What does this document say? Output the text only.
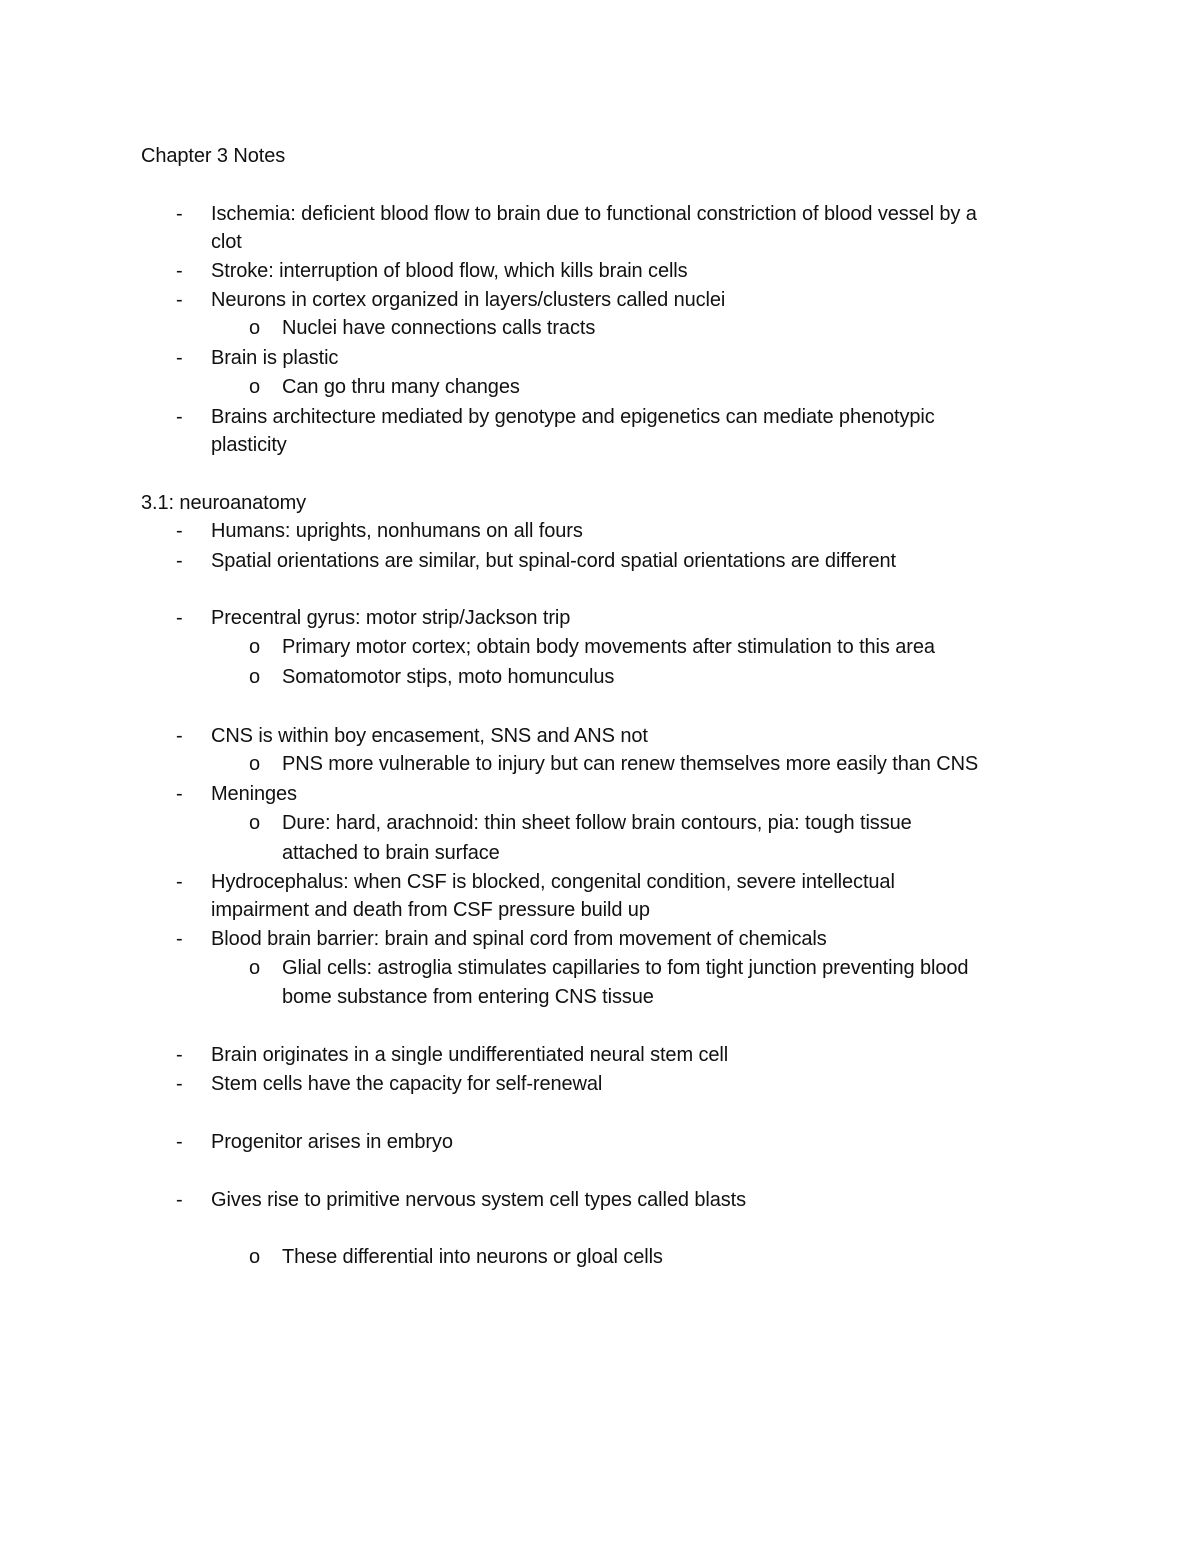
Chapter 3 Notes
- Ischemia: deficient blood flow to brain due to functional constriction of blood vessel by a
clot
- Stroke: interruption of blood flow, which kills brain cells
- Neurons in cortex organized in layers/clusters called nuclei
o Nuclei have connections calls tracts
- Brain is plastic
o Can go thru many changes
- Brains architecture mediated by genotype and epigenetics can mediate phenotypic
plasticity
3.1: neuroanatomy
- Humans: uprights, nonhumans on all fours
- Spatial orientations are similar, but spinal-cord spatial orientations are different
- Precentral gyrus: motor strip/Jackson trip
o Primary motor cortex; obtain body movements after stimulation to this area
o Somatomotor stips, moto homunculus
- CNS is within boy encasement, SNS and ANS not
o PNS more vulnerable to injury but can renew themselves more easily than CNS
- Meninges
o Dure: hard, arachnoid: thin sheet follow brain contours, pia: tough tissue
attached to brain surface
- Hydrocephalus: when CSF is blocked, congenital condition, severe intellectual
impairment and death from CSF pressure build up
- Blood brain barrier: brain and spinal cord from movement of chemicals
o Glial cells: astroglia stimulates capillaries to fom tight junction preventing blood
bome substance from entering CNS tissue
- Brain originates in a single undifferentiated neural stem cell
- Stem cells have the capacity for self-renewal
- Progenitor arises in embryo
- Gives rise to primitive nervous system cell types called blasts
o These differential into neurons or gloal cells
